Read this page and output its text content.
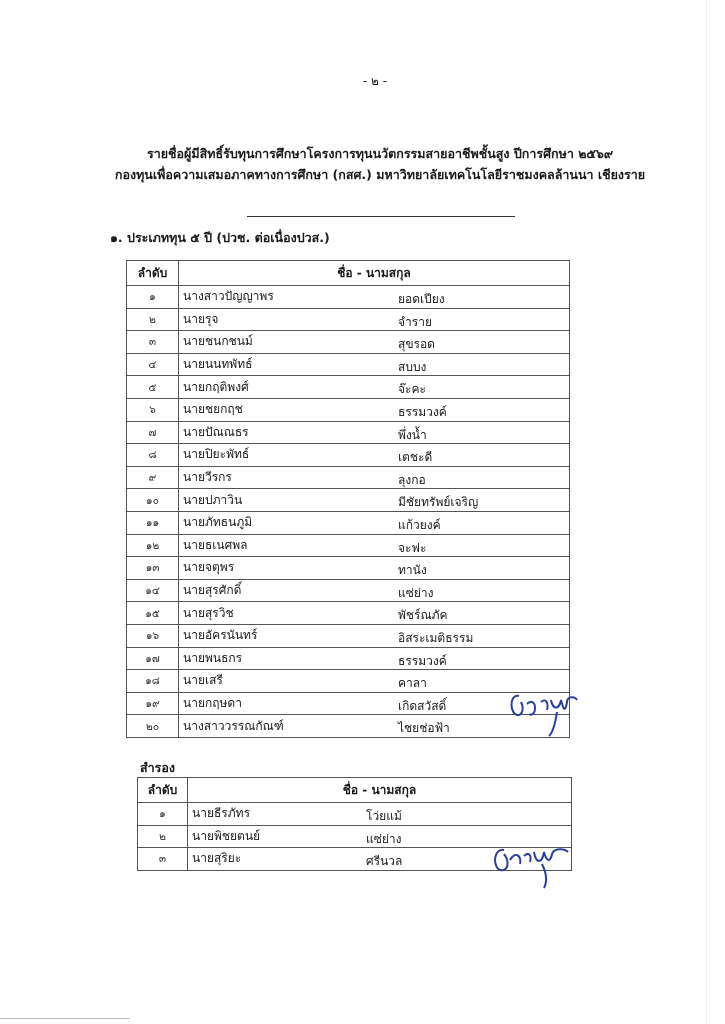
- ๒ -
รายชื่อผู้มีสิทธิ์รับทุนการศึกษาโครงการทุนนวัตกรรมสายอาชีพชั้นสูง ปีการศึกษา ๒๕๖๙
กองทุนเพื่อความเสมอภาคทางการศึกษา (กสศ.) มหาวิทยาลัยเทคโนโลยีราชมงคลล้านนา เชียงราย
๑. ประเภททุน ๕ ปี (ปวช. ต่อเนื่องปวส.)
ลำดับ	ชื่อ - นามสกุล
๑	นางสาวปัญญาพร ยอดเปียง

๒	นายรุจ จำราย

๓	นายชนกชนม์ สุขรอด

๔	นายนนทพัทธ์ สบบง

๕	นายกฤติพงศ์ จ๊ะคะ

๖	นายชยกฤช ธรรมวงค์

๗	นายปัณณธร พึ่งน้ำ

๘	นายปิยะพัทธ์ เตชะดี

๙	นายวีรกร ลุงกอ

๑๐	นายปภาวิน มีชัยทรัพย์เจริญ

๑๑	นายภัทธนภูมิ แก้วยงค์

๑๒	นายธเนศพล จะฟะ

๑๓	นายจตุพร ทานัง

๑๔	นายสุรศักดิ์ แซ่ย่าง

๑๕	นายสุรวิช พัชร์ณภัค

๑๖	นายอัครนันทร์ อิสระเมติธรรม

๑๗	นายพนธกร ธรรมวงค์

๑๘	นายเสรี คาลา

๑๙	นายกฤษดา เกิดสวัสดิ์

๒๐	นางสาววรรณกัณฑ์ ไชยช่อฟ้า
สำรอง
ลำดับ	ชื่อ - นามสกุล
๑	นายธีรภัทร โว่ยแม้

๒	นายพิชยตนย์ แซ่ย่าง

๓	นายสุริยะ ศรีนวล
